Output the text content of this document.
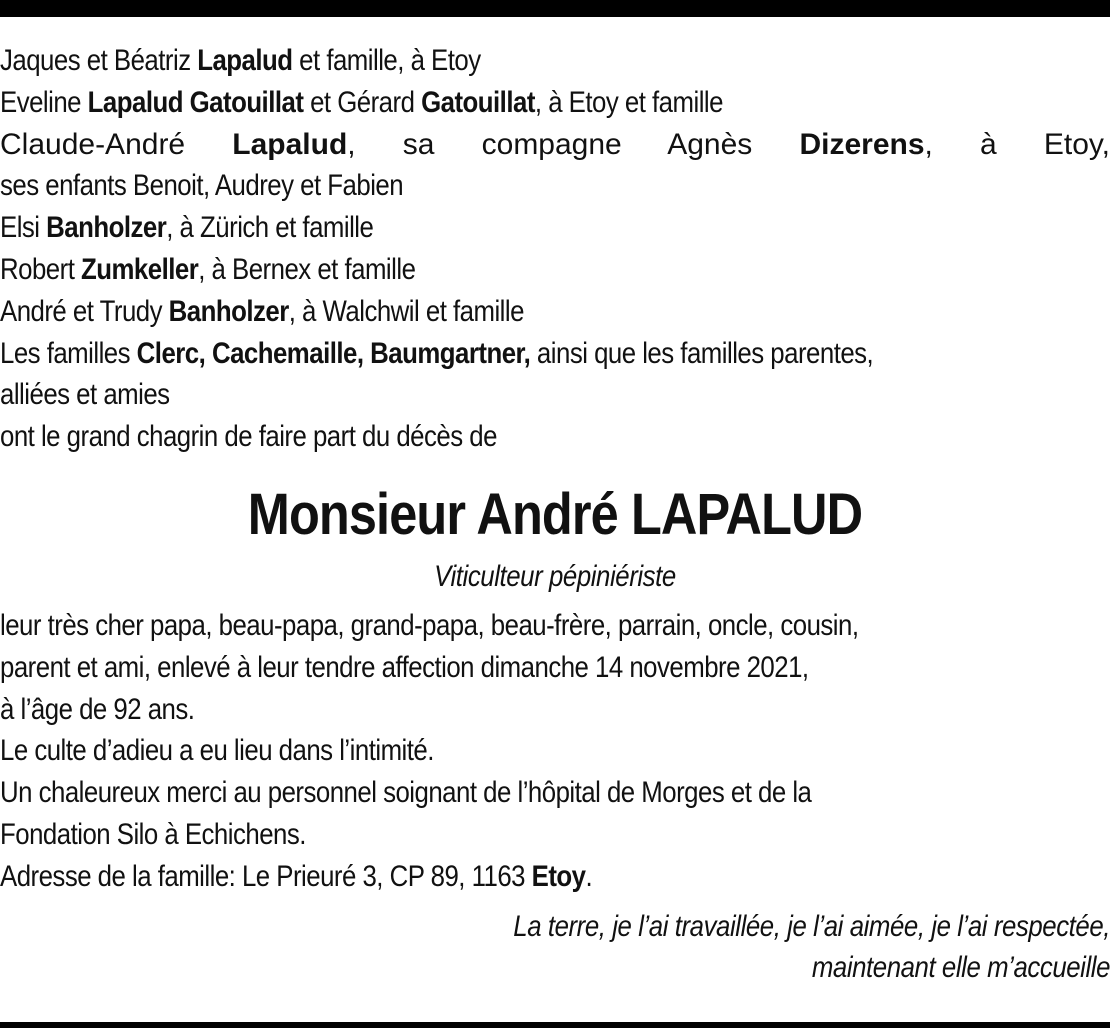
Jaques et Béatriz Lapalud et famille, à Etoy
Eveline Lapalud Gatouillat et Gérard Gatouillat, à Etoy et famille
Claude-André Lapalud, sa compagne Agnès Dizerens, à Etoy,
ses enfants Benoit, Audrey et Fabien
Elsi Banholzer, à Zürich et famille
Robert Zumkeller, à Bernex et famille
André et Trudy Banholzer, à Walchwil et famille
Les familles Clerc, Cachemaille, Baumgartner, ainsi que les familles parentes,
alliées et amies
ont le grand chagrin de faire part du décès de
Monsieur André LAPALUD
Viticulteur pépiniériste
leur très cher papa, beau-papa, grand-papa, beau-frère, parrain, oncle, cousin,
parent et ami, enlevé à leur tendre affection dimanche 14 novembre 2021,
à l’âge de 92 ans.
Le culte d’adieu a eu lieu dans l’intimité.
Un chaleureux merci au personnel soignant de l’hôpital de Morges et de la
Fondation Silo à Echichens.
Adresse de la famille: Le Prieuré 3, CP 89, 1163 Etoy.
La terre, je l’ai travaillée, je l’ai aimée, je l’ai respectée,
maintenant elle m’accueille
